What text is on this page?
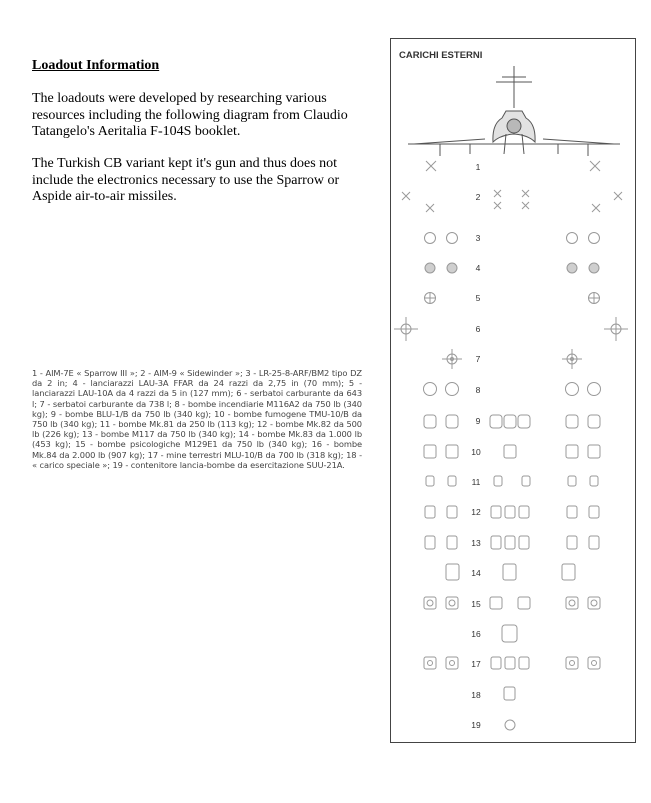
Loadout Information

The loadouts were developed by researching various resources including the following diagram from Claudio Tatangelo's Aeritalia F-104S booklet.

The Turkish CB variant kept it's gun and thus does not include the electronics necessary to use the Sparrow or Aspide air-to-air missiles.

1 - AIM-7E « Sparrow III »; 2 - AIM-9 « Sidewinder »; 3 - LR-25-8-ARF/BM2 tipo DZ da 2 in; 4 - lanciarazzi LAU-3A FFAR da 24 razzi da 2,75 in (70 mm); 5 - lanciarazzi LAU-10A da 4 razzi da 5 in (127 mm); 6 - serbatoi carburante da 643 l; 7 - serbatoi carburante da 738 l; 8 - bombe incendiarie M116A2 da 750 lb (340 kg); 9 - bombe BLU-1/B da 750 lb (340 kg); 10 - bombe fumogene TMU-10/B da 750 lb (340 kg); 11 - bombe Mk.81 da 250 lb (113 kg); 12 - bombe Mk.82 da 500 lb (226 kg); 13 - bombe M117 da 750 lb (340 kg); 14 - bombe Mk.83 da 1.000 lb (453 kg); 15 - bombe psicologiche M129E1 da 750 lb (340 kg); 16 - bombe Mk.84 da 2.000 lb (907 kg); 17 - mine terrestri MLU-10/B da 700 lb (318 kg); 18 - « carico speciale »; 19 - contenitore lancia-bombe da esercitazione SUU-21A.

CARICHI ESTERNI
1
2
3
4
5
6
7
8
9
10
11
12
13
14
15
16
17
18
19
